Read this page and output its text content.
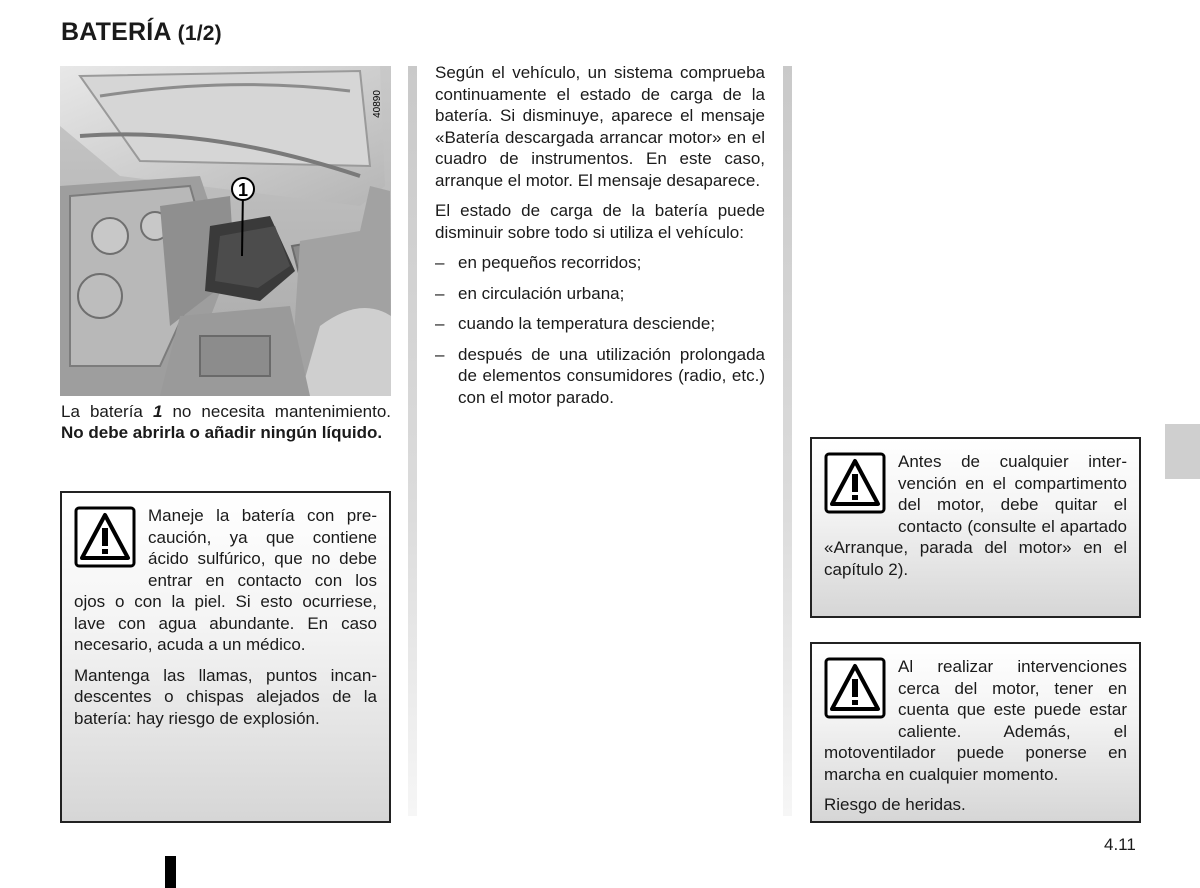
BATERÍA (1/2)
1
40890

La batería 1 no necesita mantenimiento. No debe abrirla o añadir ningún líquido.

Maneje la batería con precaución, ya que contiene ácido sulfúrico, que no debe entrar en contacto con los ojos o con la piel. Si esto ocurriese, lave con agua abundante. En caso necesario, acuda a un médico.

Mantenga las llamas, puntos incandescentes o chispas alejados de la batería: hay riesgo de explosión.

Según el vehículo, un sistema comprueba continuamente el estado de carga de la batería. Si disminuye, aparece el mensaje «Batería descargada arrancar motor» en el cuadro de instrumentos. En este caso, arranque el motor. El mensaje desaparece.

El estado de carga de la batería puede disminuir sobre todo si utiliza el vehículo:

– en pequeños recorridos;
– en circulación urbana;
– cuando la temperatura desciende;
– después de una utilización prolongada de elementos consumidores (radio, etc.) con el motor parado.

Antes de cualquier intervención en el compartimento del motor, debe quitar el contacto (consulte el apartado «Arranque, parada del motor» en el capítulo 2).

Al realizar intervenciones cerca del motor, tener en cuenta que este puede estar caliente. Además, el motoventilador puede ponerse en marcha en cualquier momento.

Riesgo de heridas.

4.11
